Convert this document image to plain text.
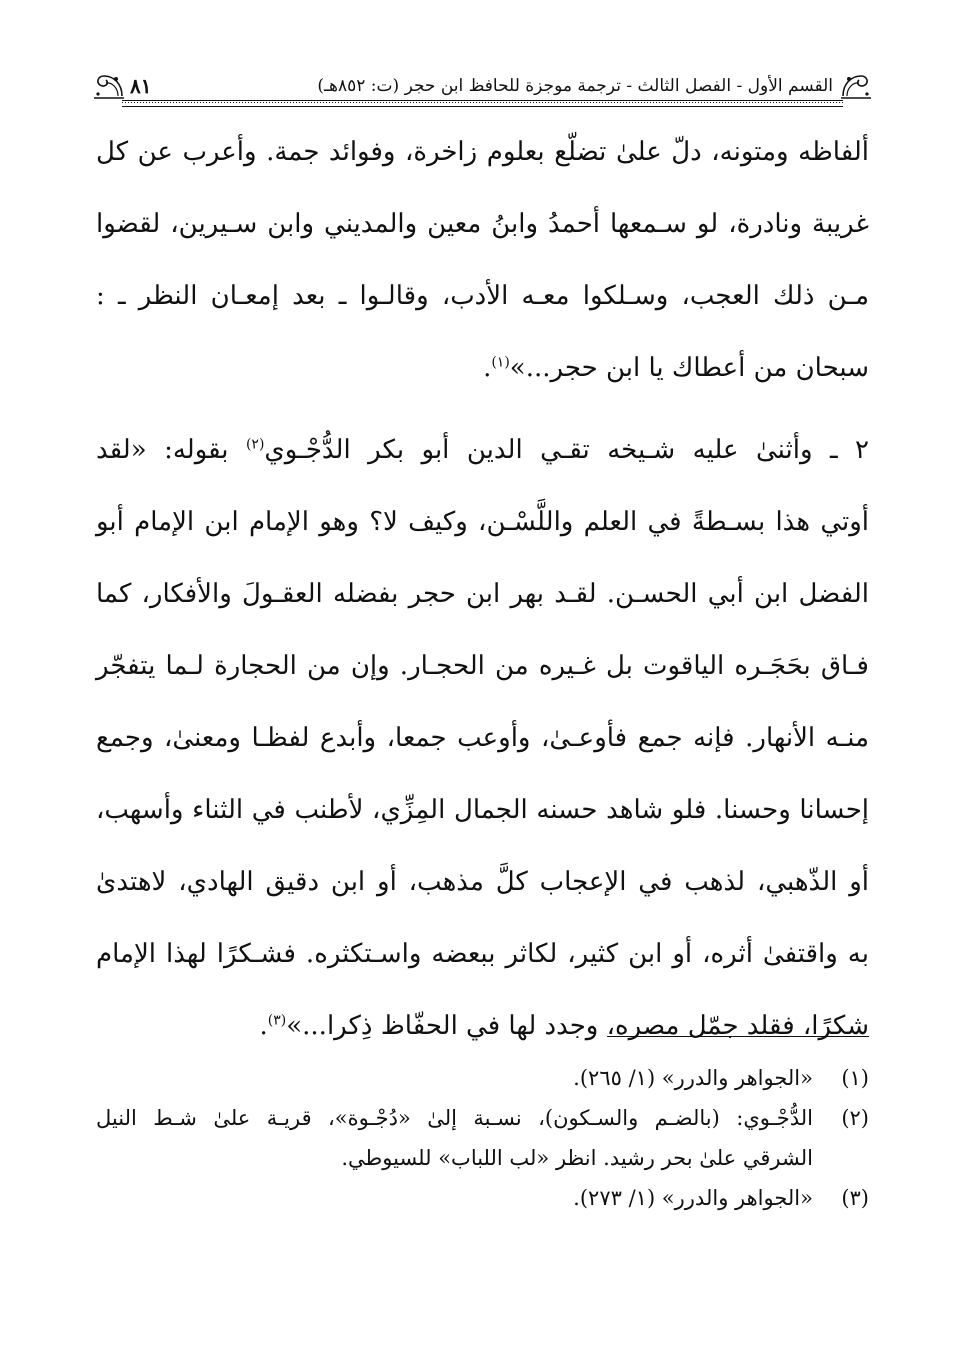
القسم الأول - الفصل الثالث - ترجمة موجزة للحافظ ابن حجر (ت: ٨٥٢هـ)
٨١

ألفاظه ومتونه، دلّ علىٰ تضلّع بعلوم زاخرة، وفوائد جمة. وأعرب عن كل
غريبة ونادرة، لو سـمعها أحمدُ وابنُ معين والمديني وابن سـيرين، لقضوا
مـن ذلك العجب، وسـلكوا معـه الأدب، وقالـوا ـ بعد إمعـان النظر ـ :
سبحان من أعطاك يا ابن حجر...»$^{(١)}$.

٢ ـ وأثنىٰ عليه شـيخه تقـي الدين أبو بكر الدُّجْـوي$^{(٢)}$ بقوله: «لقد
أوتي هذا بسـطةً في العلم واللَّسْـن، وكيف لا؟ وهو الإمام ابن الإمام أبو
الفضل ابن أبي الحسـن. لقـد بهر ابن حجر بفضله العقـولَ والأفكار، كما
فـاق بحَجَـره الياقوت بل غـيره من الحجـار. وإن من الحجارة لـما يتفجّر
منـه الأنهار. فإنه جمع فأوعـىٰ، وأوعب جمعا، وأبدع لفظـا ومعنىٰ، وجمع
إحسانا وحسنا. فلو شاهد حسنه الجمال المِزِّي، لأطنب في الثناء وأسهب،
أو الذّهبي، لذهب في الإعجاب كلَّ مذهب، أو ابن دقيق الهادي، لاهتدىٰ
به واقتفىٰ أثره، أو ابن كثير، لكاثر ببعضه واسـتكثره. فشـكرًا لهذا الإمام
شكرًا، فقلد جمّل مصره، وجدد لها في الحفّاظ ذِكرا...»$^{(٣)}$.

(١)
«الجواهر والدرر» (١/ ٢٦٥).
(٢)
الدُّجْـوي: (بالضـم والسـكون)، نسـبة إلىٰ «دُجْـوة»، قريـة علىٰ شـط النيل
الشرقي علىٰ بحر رشيد. انظر «لب اللباب» للسيوطي.
(٣)
«الجواهر والدرر» (١/ ٢٧٣).
